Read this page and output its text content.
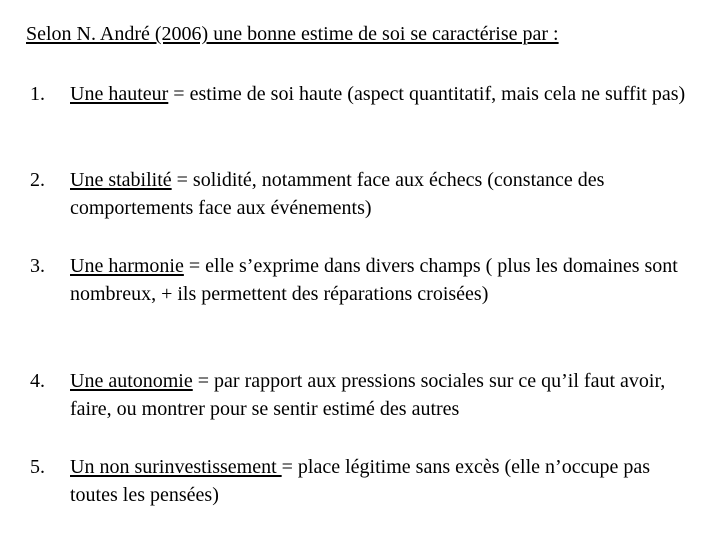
Selon N. André (2006) une bonne estime de soi se caractérise par :
1.	Une hauteur = estime de soi haute (aspect quantitatif, mais cela ne suffit pas)
2.	Une stabilité = solidité, notamment face aux échecs (constance des comportements face aux événements)
3.	Une harmonie = elle s’exprime dans divers champs ( plus les domaines sont nombreux, + ils permettent des réparations croisées)
4.	Une autonomie = par rapport aux pressions sociales sur ce qu’il faut avoir, faire, ou montrer pour se sentir estimé des autres
5.	Un non surinvestissement = place légitime sans excès (elle n’occupe pas toutes les pensées)
